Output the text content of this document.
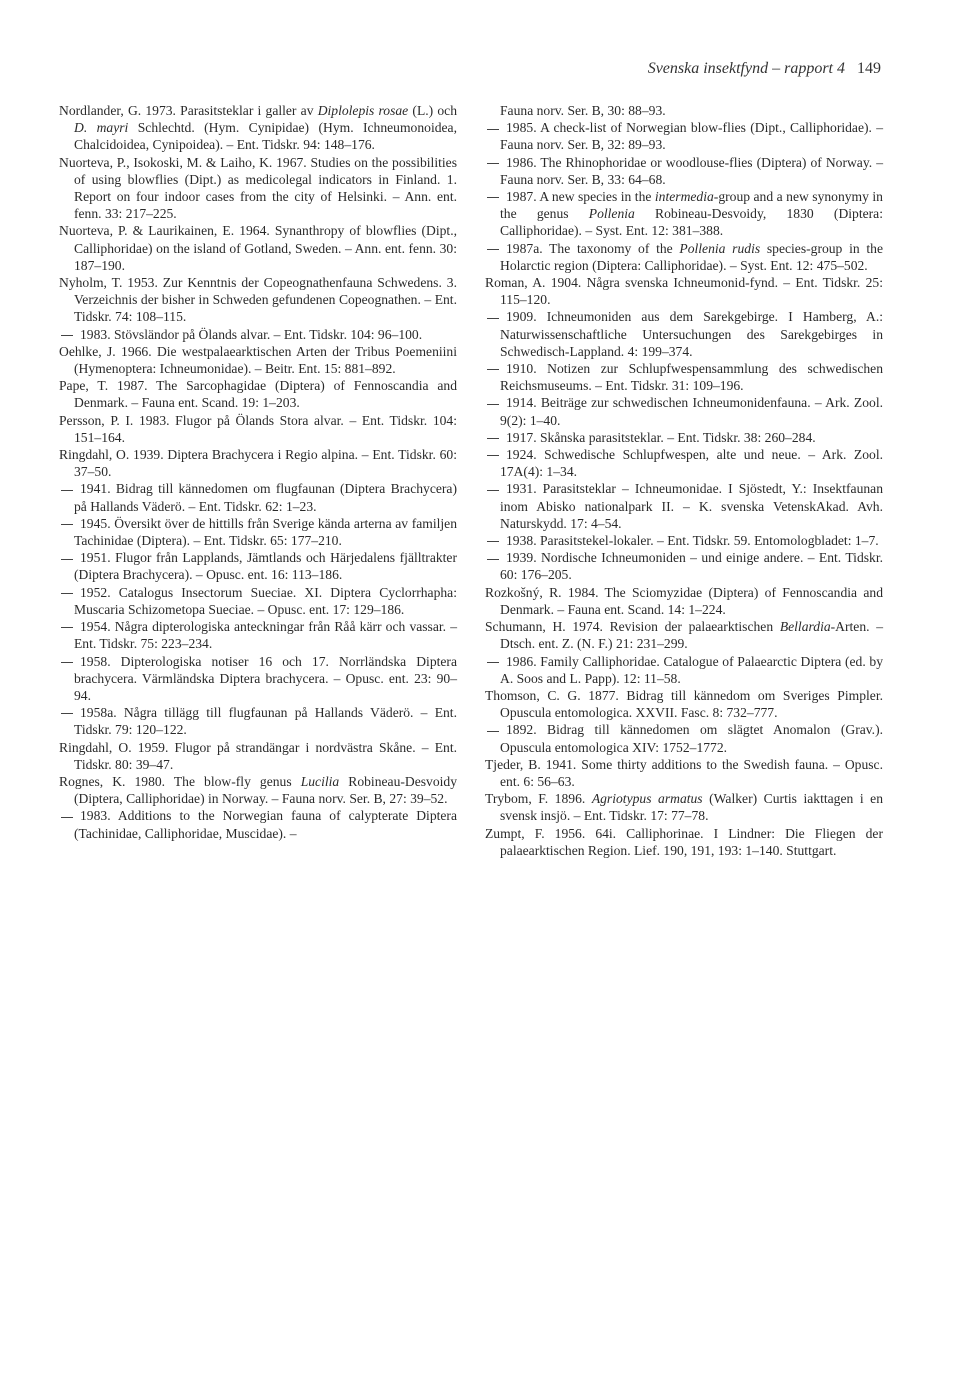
Svenska insektfynd – rapport 4 149

Nordlander, G. 1973. Parasitsteklar i galler av Diplolepis rosae (L.) och D. mayri Schlechtd. (Hym. Cynipidae) (Hym. Ichneumonoidea, Chalcidoidea, Cynipoidea). – Ent. Tidskr. 94: 148–176.

Nuorteva, P., Isokoski, M. & Laiho, K. 1967. Studies on the possibilities of using blowflies (Dipt.) as medicolegal indicators in Finland. 1. Report on four indoor cases from the city of Helsinki. – Ann. ent. fenn. 33: 217–225.

Nuorteva, P. & Laurikainen, E. 1964. Synanthropy of blowflies (Dipt., Calliphoridae) on the island of Gotland, Sweden. – Ann. ent. fenn. 30: 187–190.

Nyholm, T. 1953. Zur Kenntnis der Copeognathenfauna Schwedens. 3. Verzeichnis der bisher in Schweden gefundenen Copeognathen. – Ent. Tidskr. 74: 108–115.

1983. Stövsländor på Ölands alvar. – Ent. Tidskr. 104: 96–100.

Oehlke, J. 1966. Die westpalaearktischen Arten der Tribus Poemeniini (Hymenoptera: Ichneumonidae). – Beitr. Ent. 15: 881–892.

Pape, T. 1987. The Sarcophagidae (Diptera) of Fennoscandia and Denmark. – Fauna ent. Scand. 19: 1–203.

Persson, P. I. 1983. Flugor på Ölands Stora alvar. – Ent. Tidskr. 104: 151–164.

Ringdahl, O. 1939. Diptera Brachycera i Regio alpina. – Ent. Tidskr. 60: 37–50.

1941. Bidrag till kännedomen om flugfaunan (Diptera Brachycera) på Hallands Väderö. – Ent. Tidskr. 62: 1–23.

1945. Översikt över de hittills från Sverige kända arterna av familjen Tachinidae (Diptera). – Ent. Tidskr. 65: 177–210.

1951. Flugor från Lapplands, Jämtlands och Härjedalens fjälltrakter (Diptera Brachycera). – Opusc. ent. 16: 113–186.

1952. Catalogus Insectorum Sueciae. XI. Diptera Cyclorrhapha: Muscaria Schizometopa Sueciae. – Opusc. ent. 17: 129–186.

1954. Några dipterologiska anteckningar från Råå kärr och vassar. – Ent. Tidskr. 75: 223–234.

1958. Dipterologiska notiser 16 och 17. Norrländska Diptera brachycera. Värmländska Diptera brachycera. – Opusc. ent. 23: 90–94.

1958a. Några tillägg till flugfaunan på Hallands Väderö. – Ent. Tidskr. 79: 120–122.

Ringdahl, O. 1959. Flugor på strandängar i nordvästra Skåne. – Ent. Tidskr. 80: 39–47.

Rognes, K. 1980. The blow-fly genus Lucilia Robineau-Desvoidy (Diptera, Calliphoridae) in Norway. – Fauna norv. Ser. B, 27: 39–52.

1983. Additions to the Norwegian fauna of calypterate Diptera (Tachinidae, Calliphoridae, Muscidae). –

Fauna norv. Ser. B, 30: 88–93.

1985. A check-list of Norwegian blow-flies (Dipt., Calliphoridae). – Fauna norv. Ser. B, 32: 89–93.

1986. The Rhinophoridae or woodlouse-flies (Diptera) of Norway. – Fauna norv. Ser. B, 33: 64–68.

1987. A new species in the intermedia-group and a new synonymy in the genus Pollenia Robineau-Desvoidy, 1830 (Diptera: Calliphoridae). – Syst. Ent. 12: 381–388.

1987a. The taxonomy of the Pollenia rudis species-group in the Holarctic region (Diptera: Calliphoridae). – Syst. Ent. 12: 475–502.

Roman, A. 1904. Några svenska Ichneumonid-fynd. – Ent. Tidskr. 25: 115–120.

1909. Ichneumoniden aus dem Sarekgebirge. I Hamberg, A.: Naturwissenschaftliche Untersuchungen des Sarekgebirges in Schwedisch-Lappland. 4: 199–374.

1910. Notizen zur Schlupfwespensammlung des schwedischen Reichsmuseums. – Ent. Tidskr. 31: 109–196.

1914. Beiträge zur schwedischen Ichneumonidenfauna. – Ark. Zool. 9(2): 1–40.

1917. Skånska parasitsteklar. – Ent. Tidskr. 38: 260–284.

1924. Schwedische Schlupfwespen, alte und neue. – Ark. Zool. 17A(4): 1–34.

1931. Parasitsteklar – Ichneumonidae. I Sjöstedt, Y.: Insektfaunan inom Abisko nationalpark II. – K. svenska VetenskAkad. Avh. Naturskydd. 17: 4–54.

1938. Parasitstekel-lokaler. – Ent. Tidskr. 59. Entomologbladet: 1–7.

1939. Nordische Ichneumoniden – und einige andere. – Ent. Tidskr. 60: 176–205.

Rozkošný, R. 1984. The Sciomyzidae (Diptera) of Fennoscandia and Denmark. – Fauna ent. Scand. 14: 1–224.

Schumann, H. 1974. Revision der palaearktischen Bellardia-Arten. – Dtsch. ent. Z. (N. F.) 21: 231–299.

1986. Family Calliphoridae. Catalogue of Palaearctic Diptera (ed. by A. Soos and L. Papp). 12: 11–58.

Thomson, C. G. 1877. Bidrag till kännedom om Sveriges Pimpler. Opuscula entomologica. XXVII. Fasc. 8: 732–777.

1892. Bidrag till kännedomen om slägtet Anomalon (Grav.). Opuscula entomologica XIV: 1752–1772.

Tjeder, B. 1941. Some thirty additions to the Swedish fauna. – Opusc. ent. 6: 56–63.

Trybom, F. 1896. Agriotypus armatus (Walker) Curtis iakttagen i en svensk insjö. – Ent. Tidskr. 17: 77–78.

Zumpt, F. 1956. 64i. Calliphorinae. I Lindner: Die Fliegen der palaearktischen Region. Lief. 190, 191, 193: 1–140. Stuttgart.
